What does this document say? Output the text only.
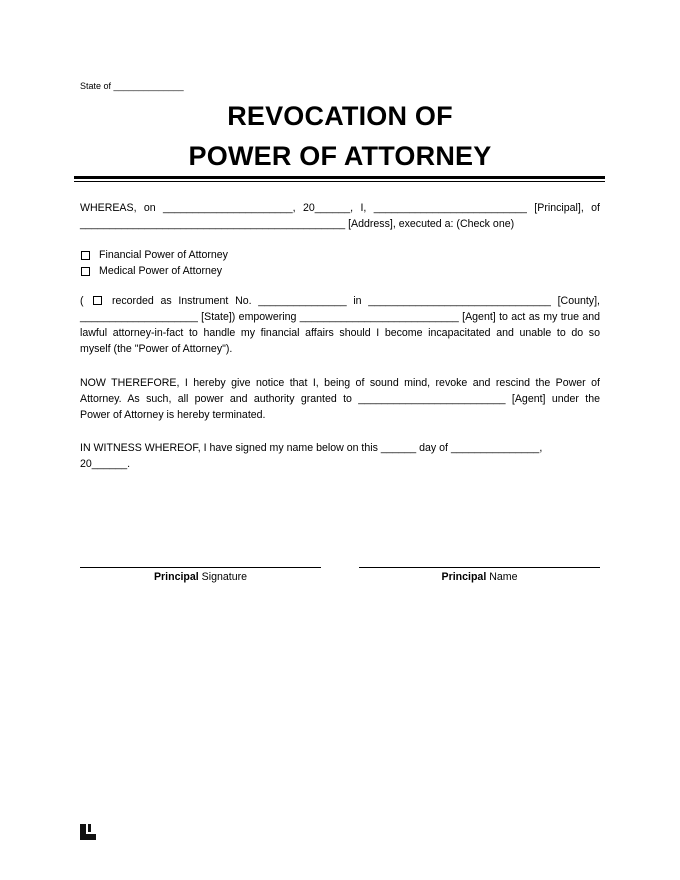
State of ______________
REVOCATION OF
POWER OF ATTORNEY
WHEREAS, on ______________________, 20______, I, __________________________ [Principal], of
_____________________________________________ [Address], executed a: (Check one)
Financial Power of Attorney
Medical Power of Attorney
(	recorded as Instrument No. _______________ in _______________________________ [County],
____________________ [State]) empowering ___________________________ [Agent] to act as my true and
lawful attorney-in-fact to handle my financial affairs should I become incapacitated and unable to do so
myself (the "Power of Attorney").
NOW THEREFORE, I hereby give notice that I, being of sound mind, revoke and rescind the Power of
Attorney. As such, all power and authority granted to _________________________ [Agent] under the
Power of Attorney is hereby terminated.
IN WITNESS WHEREOF, I have signed my name below on this ______ day of _______________,
20______.
Principal Signature	Principal Name
